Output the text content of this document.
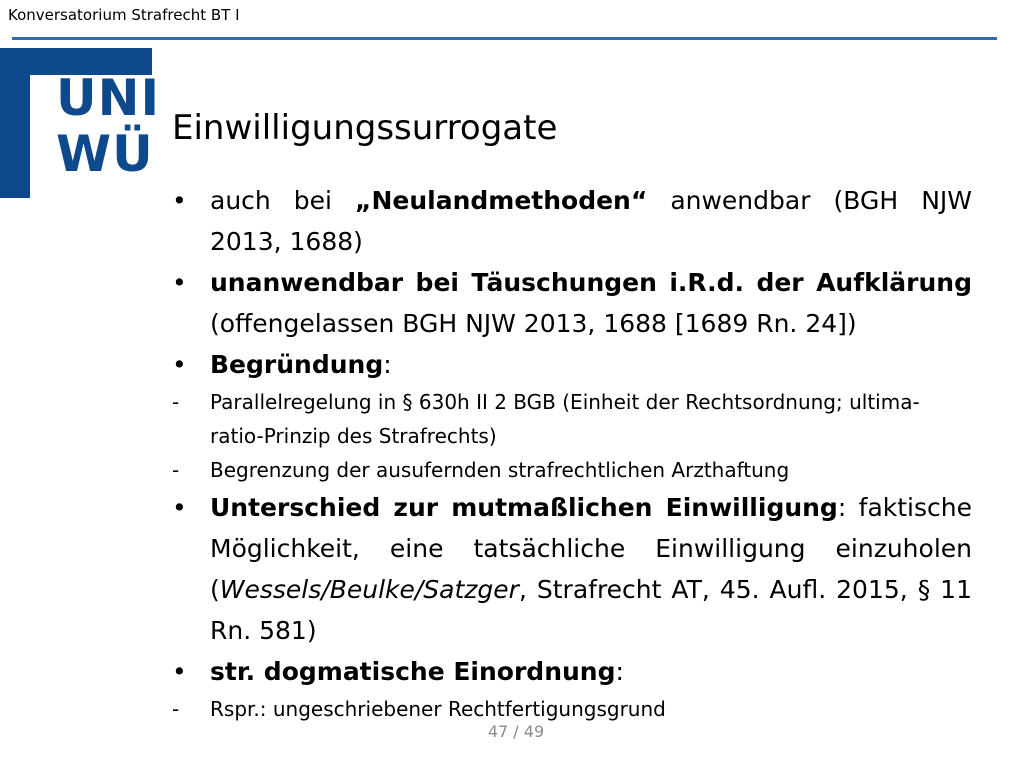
Konversatorium Strafrecht BT I
UNI
WÜ Einwilligungssurrogate
• auch bei „Neulandmethoden“ anwendbar (BGH NJW 2013, 1688)
• unanwendbar bei Täuschungen i.R.d. der Aufklärung (offengelassen BGH NJW 2013, 1688 [1689 Rn. 24])
• Begründung:
-	Parallelregelung in § 630h II 2 BGB (Einheit der Rechtsordnung; ultima-ratio-Prinzip des Strafrechts)
-	Begrenzung der ausufernden strafrechtlichen Arzthaftung
• Unterschied zur mutmaßlichen Einwilligung: faktische Möglichkeit, eine tatsächliche Einwilligung einzuholen (Wessels/Beulke/Satzger, Strafrecht AT, 45. Aufl. 2015, § 11 Rn. 581)
• str. dogmatische Einordnung:
-	Rspr.: ungeschriebener Rechtfertigungsgrund
47 / 49
